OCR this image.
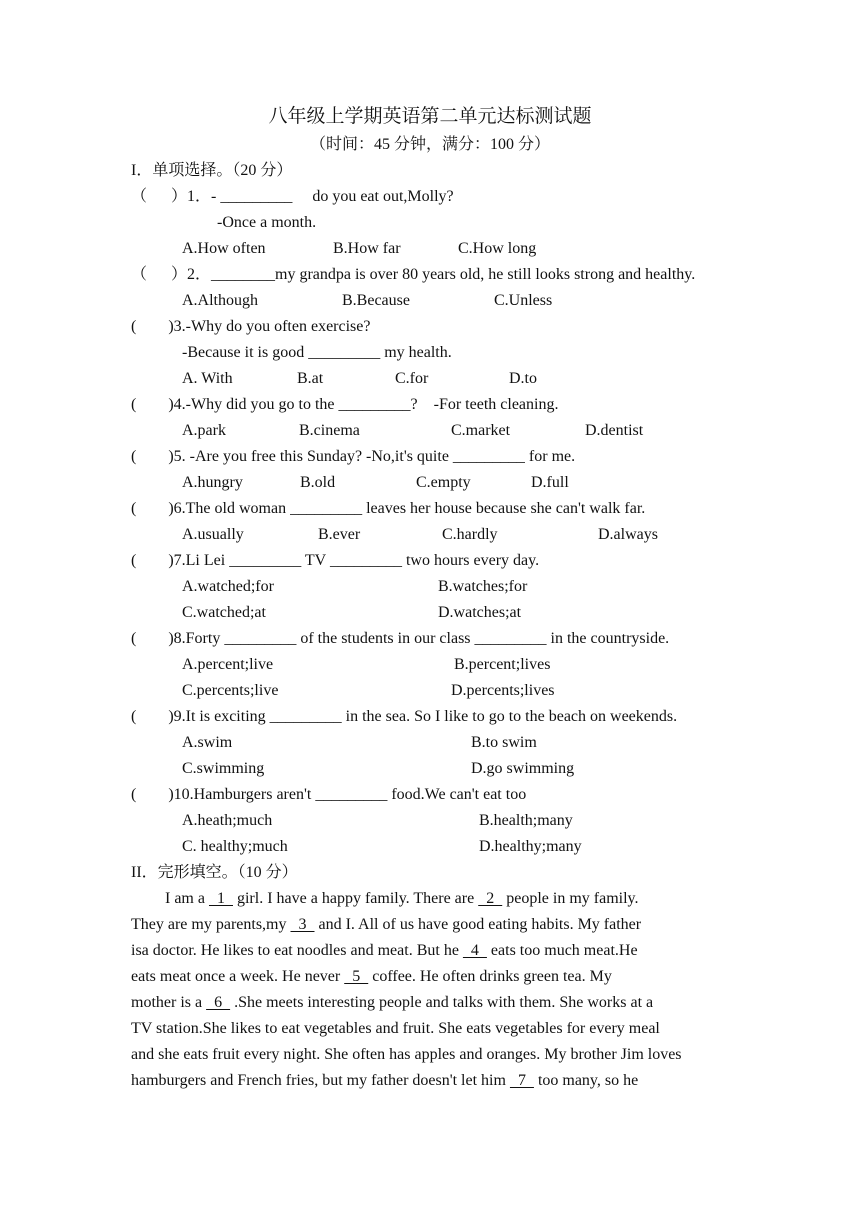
八年级上学期英语第二单元达标测试题
（时间：45 分钟，满分：100 分）
I．单项选择。（20 分）
（      ）1．- _________     do you eat out,Molly?
-Once a month.
A.How often	B.How far	C.How long
（      ）2．________my grandpa is over 80 years old, he still looks strong and healthy.
A.Although	B.Because	C.Unless
(        )3.-Why do you often exercise?
-Because it is good _________ my health.
A. With	B.at	C.for	D.to
(        )4.-Why did you go to the _________?    -For teeth cleaning.
A.park	B.cinema	C.market	D.dentist
(        )5. -Are you free this Sunday? -No,it's quite _________ for me.
A.hungry	B.old	C.empty	D.full
(        )6.The old woman _________ leaves her house because she can't walk far.
A.usually	B.ever	C.hardly	D.always
(        )7.Li Lei _________ TV _________ two hours every day.
A.watched;for	B.watches;for
C.watched;at	D.watches;at
(        )8.Forty _________ of the students in our class _________ in the countryside.
A.percent;live	B.percent;lives
C.percents;live	D.percents;lives
(        )9.It is exciting _________ in the sea. So I like to go to the beach on weekends.
A.swim	B.to swim
C.swimming	D.go swimming
(        )10.Hamburgers aren't _________ food.We can't eat too
A.heath;much	B.health;many
C. healthy;much	D.healthy;many
II．完形填空。（10 分）
I am a   1   girl. I have a happy family. There are   2   people in my family.
They are my parents,my   3   and I. All of us have good eating habits. My father
isa doctor. He likes to eat noodles and meat. But he   4   eats too much meat.He
eats meat once a week. He never   5   coffee. He often drinks green tea. My
mother is a   6   .She meets interesting people and talks with them. She works at a
TV station.She likes to eat vegetables and fruit. She eats vegetables for every meal
and she eats fruit every night. She often has apples and oranges. My brother Jim loves
hamburgers and French fries, but my father doesn't let him   7   too many, so he
